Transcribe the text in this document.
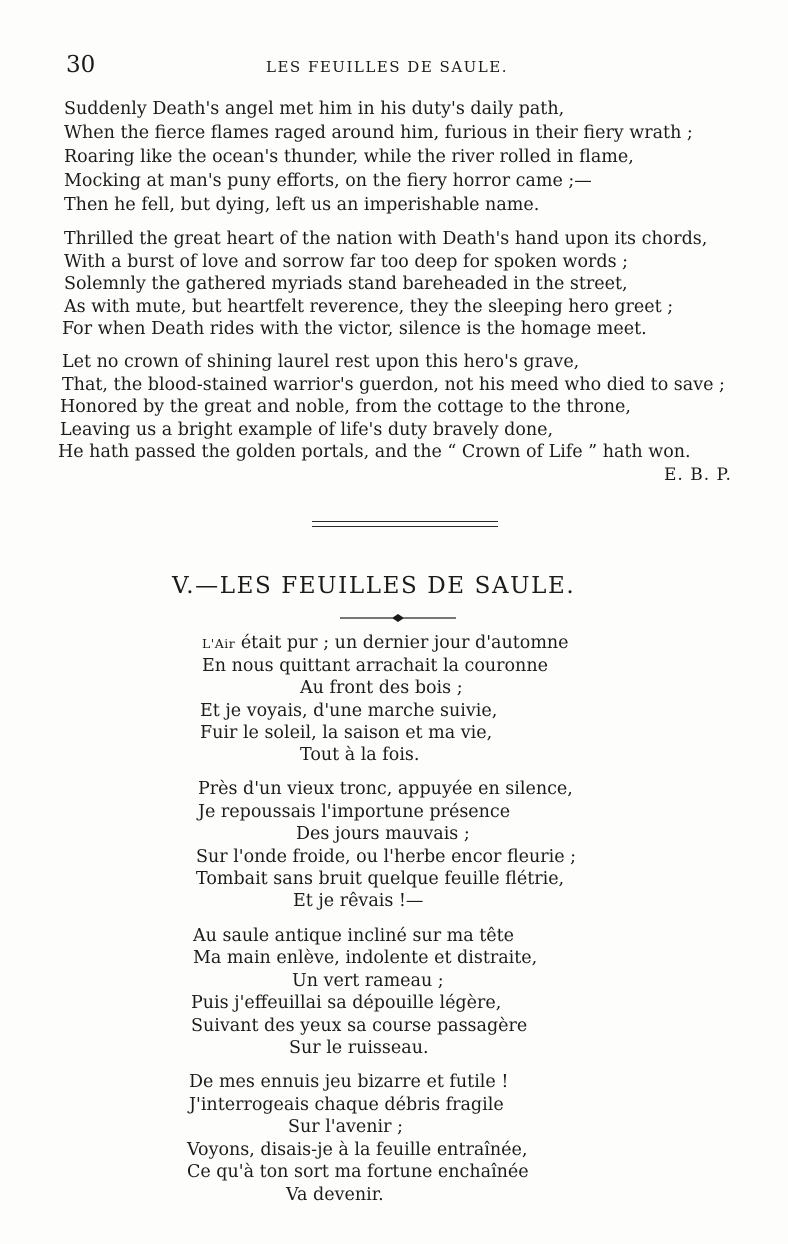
30	LES FEUILLES DE SAULE.
Suddenly Death's angel met him in his duty's daily path,
When the fierce flames raged around him, furious in their fiery wrath ;
Roaring like the ocean's thunder, while the river rolled in flame,
Mocking at man's puny efforts, on the fiery horror came ;—
Then he fell, but dying, left us an imperishable name.
Thrilled the great heart of the nation with Death's hand upon its chords,
With a burst of love and sorrow far too deep for spoken words ;
Solemnly the gathered myriads stand bareheaded in the street,
As with mute, but heartfelt reverence, they the sleeping hero greet ;
For when Death rides with the victor, silence is the homage meet.
Let no crown of shining laurel rest upon this hero's grave,
That, the blood-stained warrior's guerdon, not his meed who died to save ;
Honored by the great and noble, from the cottage to the throne,
Leaving us a bright example of life's duty bravely done,
He hath passed the golden portals, and the “ Crown of Life ” hath won.
E. B. P.
V.—LES FEUILLES DE SAULE.
L'Air était pur ; un dernier jour d'automne
En nous quittant arrachait la couronne
Au front des bois ;
Et je voyais, d'une marche suivie,
Fuir le soleil, la saison et ma vie,
Tout à la fois.
Près d'un vieux tronc, appuyée en silence,
Je repoussais l'importune présence
Des jours mauvais ;
Sur l'onde froide, ou l'herbe encor fleurie ;
Tombait sans bruit quelque feuille flétrie,
Et je rêvais !—
Au saule antique incliné sur ma tête
Ma main enlève, indolente et distraite,
Un vert rameau ;
Puis j'effeuillai sa dépouille légère,
Suivant des yeux sa course passagère
Sur le ruisseau.
De mes ennuis jeu bizarre et futile !
J'interrogeais chaque débris fragile
Sur l'avenir ;
Voyons, disais-je à la feuille entraînée,
Ce qu'à ton sort ma fortune enchaînée
Va devenir.
